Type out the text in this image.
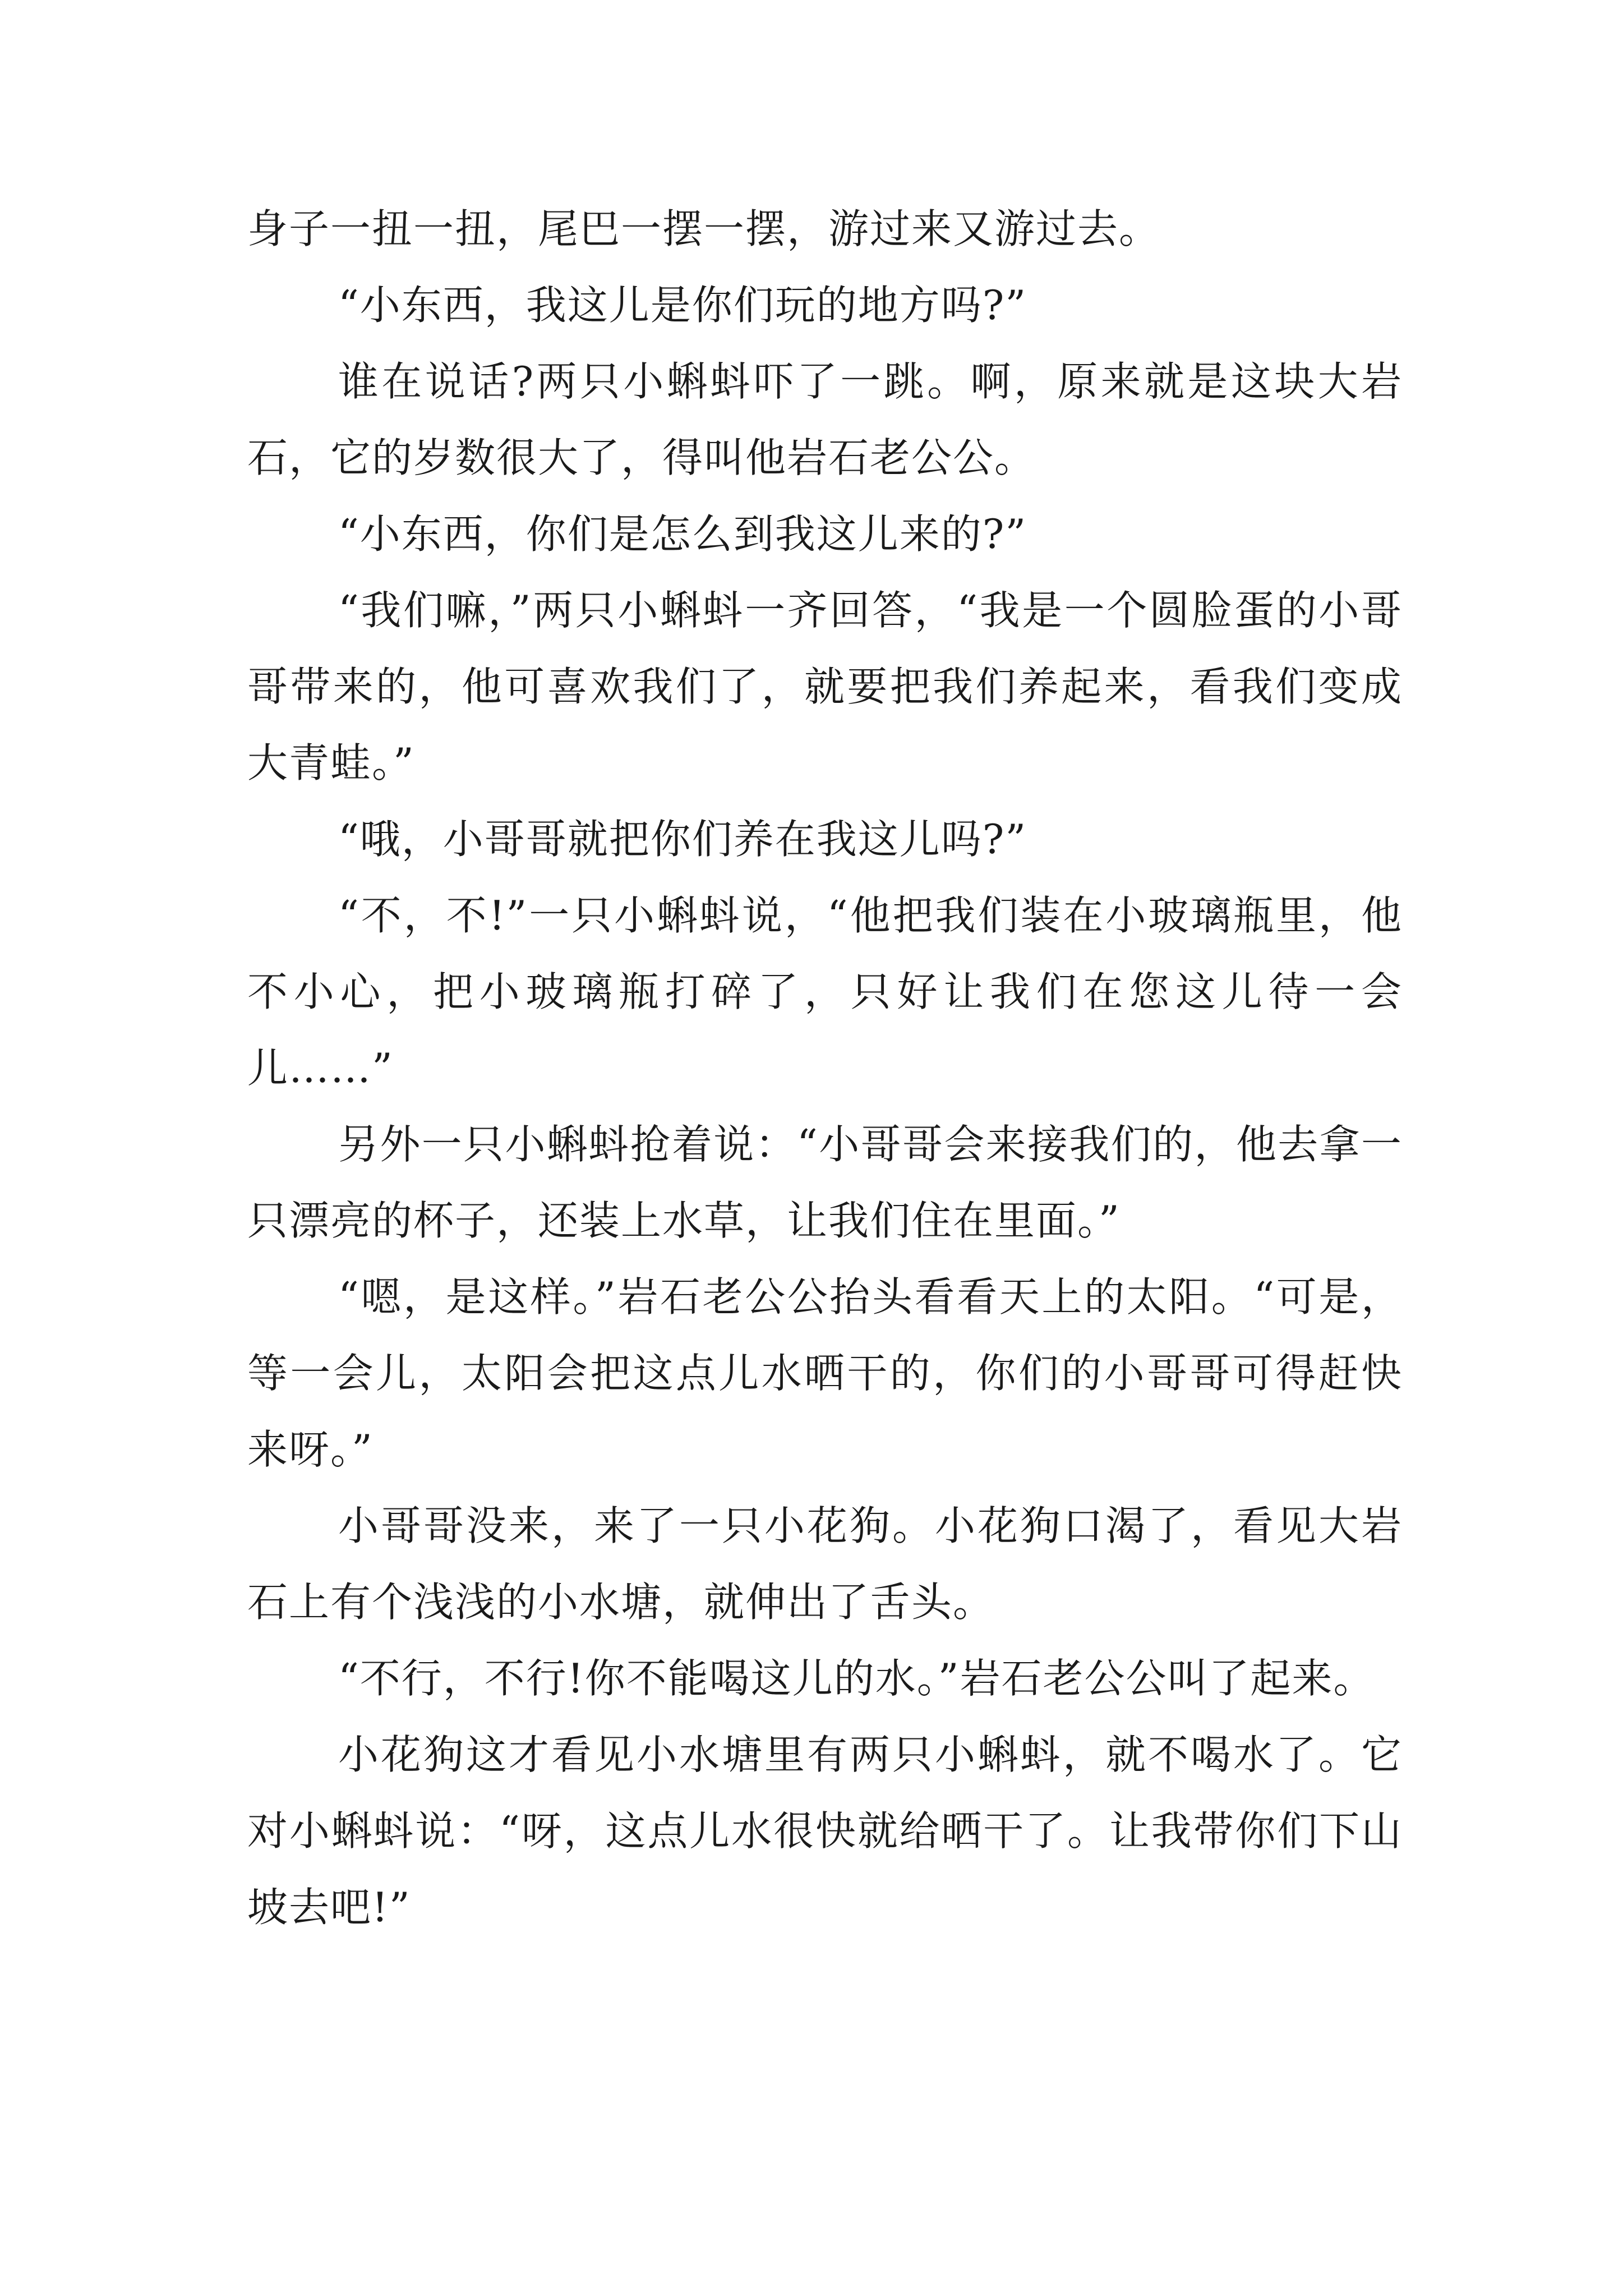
身子一扭一扭，尾巴一摆一摆，游过来又游过去。

“小东西，我这儿是你们玩的地方吗?”

谁在说话?两只小蝌蚪吓了一跳。啊，原来就是这块大岩石，它的岁数很大了，得叫他岩石老公公。

“小东西，你们是怎么到我这儿来的?”

“我们嘛，”两只小蝌蚪一齐回答，“我是一个圆脸蛋的小哥哥带来的，他可喜欢我们了，就要把我们养起来，看我们变成大青蛙。”

“哦，小哥哥就把你们养在我这儿吗?”

“不，不!”一只小蝌蚪说，“他把我们装在小玻璃瓶里，他不小心，把小玻璃瓶打碎了，只好让我们在您这儿待一会儿……”

另外一只小蝌蚪抢着说：“小哥哥会来接我们的，他去拿一只漂亮的杯子，还装上水草，让我们住在里面。”

“嗯，是这样。”岩石老公公抬头看看天上的太阳。“可是，等一会儿，太阳会把这点儿水晒干的，你们的小哥哥可得赶快来呀。”

小哥哥没来，来了一只小花狗。小花狗口渴了，看见大岩石上有个浅浅的小水塘，就伸出了舌头。

“不行，不行!你不能喝这儿的水。”岩石老公公叫了起来。

小花狗这才看见小水塘里有两只小蝌蚪，就不喝水了。它对小蝌蚪说：“呀，这点儿水很快就给晒干了。让我带你们下山坡去吧!”
